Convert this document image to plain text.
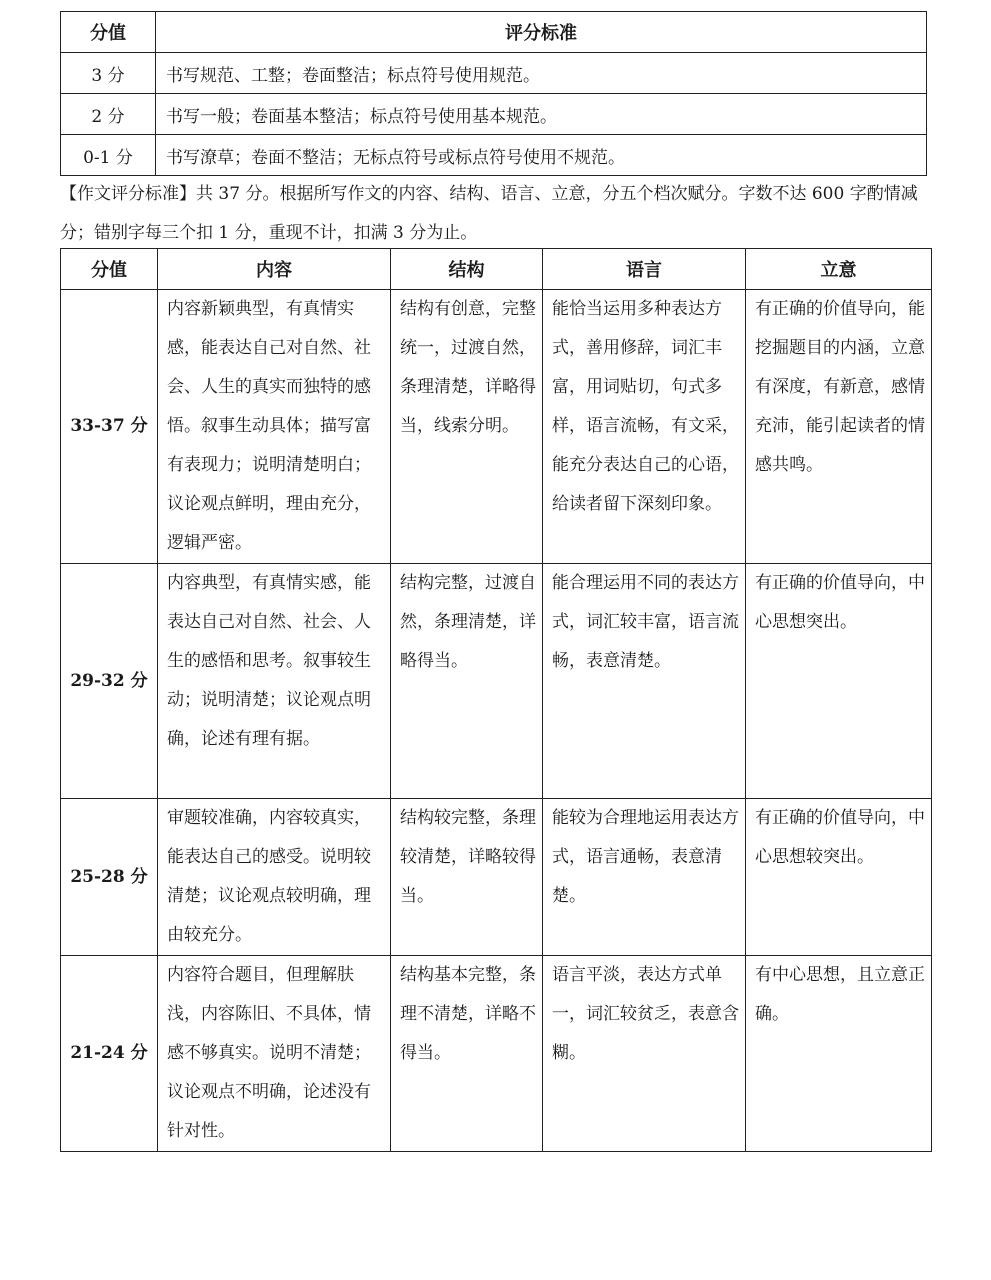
分值	评分标准
3 分	书写规范、工整；卷面整洁；标点符号使用规范。
2 分	书写一般；卷面基本整洁；标点符号使用基本规范。
0-1 分	书写潦草；卷面不整洁；无标点符号或标点符号使用不规范。

【作文评分标准】共 37 分。根据所写作文的内容、结构、语言、立意，分五个档次赋分。字数不达 600 字酌情减分；错别字每三个扣 1 分，重现不计，扣满 3 分为止。

分值	内容	结构	语言	立意
33-37 分	内容新颖典型，有真情实感，能表达自己对自然、社会、人生的真实而独特的感悟。叙事生动具体；描写富有表现力；说明清楚明白；议论观点鲜明，理由充分，逻辑严密。	结构有创意，完整统一，过渡自然，条理清楚，详略得当，线索分明。	能恰当运用多种表达方式，善用修辞，词汇丰富，用词贴切，句式多样，语言流畅，有文采，能充分表达自己的心语，给读者留下深刻印象。	有正确的价值导向，能挖掘题目的内涵，立意有深度，有新意，感情充沛，能引起读者的情感共鸣。
29-32 分	内容典型，有真情实感，能表达自己对自然、社会、人生的感悟和思考。叙事较生动；说明清楚；议论观点明确，论述有理有据。	结构完整，过渡自然，条理清楚，详略得当。	能合理运用不同的表达方式，词汇较丰富，语言流畅，表意清楚。	有正确的价值导向，中心思想突出。
25-28 分	审题较准确，内容较真实，能表达自己的感受。说明较清楚；议论观点较明确，理由较充分。	结构较完整，条理较清楚，详略较得当。	能较为合理地运用表达方式，语言通畅，表意清楚。	有正确的价值导向，中心思想较突出。
21-24 分	内容符合题目，但理解肤浅，内容陈旧、不具体，情感不够真实。说明不清楚；议论观点不明确，论述没有针对性。	结构基本完整，条理不清楚，详略不得当。	语言平淡，表达方式单一，词汇较贫乏，表意含糊。	有中心思想，且立意正确。
